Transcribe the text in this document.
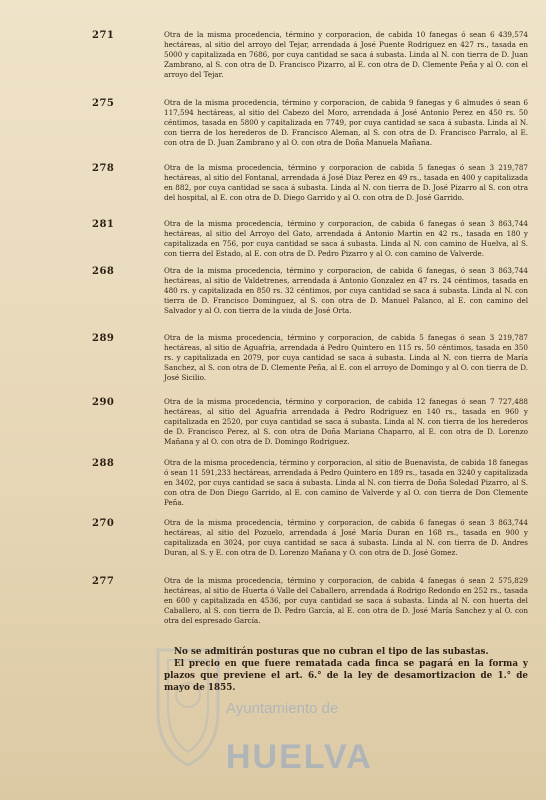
271	Otra de la misma procedencia, término y corporacion, de cabida 10 fanegas ó sean 6 439,574 hectáreas, al sitio del arroyo del Tejar, arrendada á José Puente Rodriguez en 427 rs., tasada en 5000 y capitalizada en 7686, por cuya cantidad se saca á subasta. Linda al N. con tierra de D. Juan Zambrano, al S. con otra de D. Francisco Pizarro, al E. con otra de D. Clemente Peña y al O. con el arroyo del Tejar.
275	Otra de la misma procedencia, término y corporacion, de cabida 9 fanegas y 6 almudes ó sean 6 117,594 hectáreas, al sitio del Cabezo del Moro, arrendada á José Antonio Perez en 450 rs. 50 céntimos, tasada en 5800 y capitalizada en 7749, por cuya cantidad se saca á subasta. Linda al N. con tierra de los herederos de D. Francisco Aleman, al S. con otra de D. Francisco Parralo, al E. con otra de D. Juan Zambrano y al O. con otra de Doña Manuela Mañana.
278	Otra de la misma procedencia, término y corporacion de cabida 5 fanegas ó sean 3 219,787 hectáreas, al sitio del Fontanal, arrendada á José Diaz Perez en 49 rs., tasada en 400 y capitalizada en 882, por cuya cantidad se saca á subasta. Linda al N. con tierra de D. José Pizarro al S. con otra del hospital, al E. con otra de D. Diego Garrido y al O. con otra de D. José Garrido.
281	Otra de la misma procedencia, término y corporacion, de cabida 6 fanegas ó sean 3 863,744 hectáreas, al sitio del Arroyo del Gato, arrendada á Antonio Martin en 42 rs., tasada en 180 y capitalizada en 756, por cuya cantidad se saca á subasta. Linda al N. con camino de Huelva, al S. con tierra del Estado, al E. con otra de D. Pedro Pizarro y al O. con camino de Valverde.
268	Otra de la misma procedencia, término y corporacion, de cabida 6 fanegas, ó sean 3 863,744 hectáreas, al sitio de Valdetrenes, arrendada á Antonio Gonzalez en 47 rs. 24 céntimos, tasada en 480 rs. y capitalizada en 850 rs. 32 céntimos, por cuya cantidad se saca á subasta. Linda al N. con tierra de D. Francisco Dominguez, al S. con otra de D. Manuel Palanco, al E. con camino del Salvador y al O. con tierra de la viuda de José Orta.
289	Otra de la misma procedencia, término y corporacion, de cabida 5 fanegas ó sean 3 219,787 hectáreas, al sitio de Aguafria, arrendada á Pedro Quintero en 115 rs. 50 céntimos, tasada en 350 rs. y capitalizada en 2079, por cuya cantidad se saca á subasta. Linda al N. con tierra de María Sanchez, al S. con otra de D. Clemente Peña, al E. con el arroyo de Domingo y al O. con tierra de D. José Sicilio.
290	Otra de la misma procedencia, término y corporacion, de cabida 12 fanegas ó sean 7 727,488 hectáreas, al sitio del Aguafria arrendada á Pedro Rodriguez en 140 rs., tasada en 960 y capitalizada en 2520, por cuya cantidad se saca á subasta. Linda al N. con tierra de los herederos de D. Francisco Perez, al S. con otra de Doña Mariana Chaparro, al E. con otra de D. Lorenzo Mañana y al O. con otra de D. Domingo Rodriguez.
288	Otra de la misma procedencia, término y corporacion, al sitio de Buenavista, de cabida 18 fanegas ó sean 11 591,233 hectáreas, arrendada á Pedro Quintero en 189 rs., tasada en 3240 y capitalizada en 3402, por cuya cantidad se saca á subasta. Linda al N. con tierra de Doña Soledad Pizarro, al S. con otra de Don Diego Garrido, al E. con camino de Valverde y al O. con tierra de Don Clemente Peña.
270	Otra de la misma procedencia, término y corporacion, de cabida 6 fanegas ó sean 3 863,744 hectáreas, al sitio del Pozuelo, arrendada á José María Duran en 168 rs., tasada en 900 y capitalizada en 3024, por cuya cantidad se saca á subasta. Linda al N. con tierra de D. Andres Duran, al S. y E. con otra de D. Lorenzo Mañana y O. con otra de D. José Gomez.
277	Otra de la misma procedencia, término y corporacion, de cabida 4 fanegas ó sean 2 575,829 hectáreas, al sitio de Huerta ó Valle del Caballero, arrendada á Rodrigo Redondo en 252 rs., tasada en 600 y capitalizada en 4536, por cuya cantidad se saca á subasta. Linda al N. con huerta del Caballero, al S. con tierra de D. Pedro García, al E. con otra de D. José María Sanchez y al O. con otra del espresado García.
Ayuntamiento de
HUELVA
No se admitirán posturas que no cubran el tipo de las subastas.
El precio en que fuere rematada cada finca se pagará en la forma y plazos que previene el art. 6.° de la ley de desamortizacion de 1.° de mayo de 1855.
